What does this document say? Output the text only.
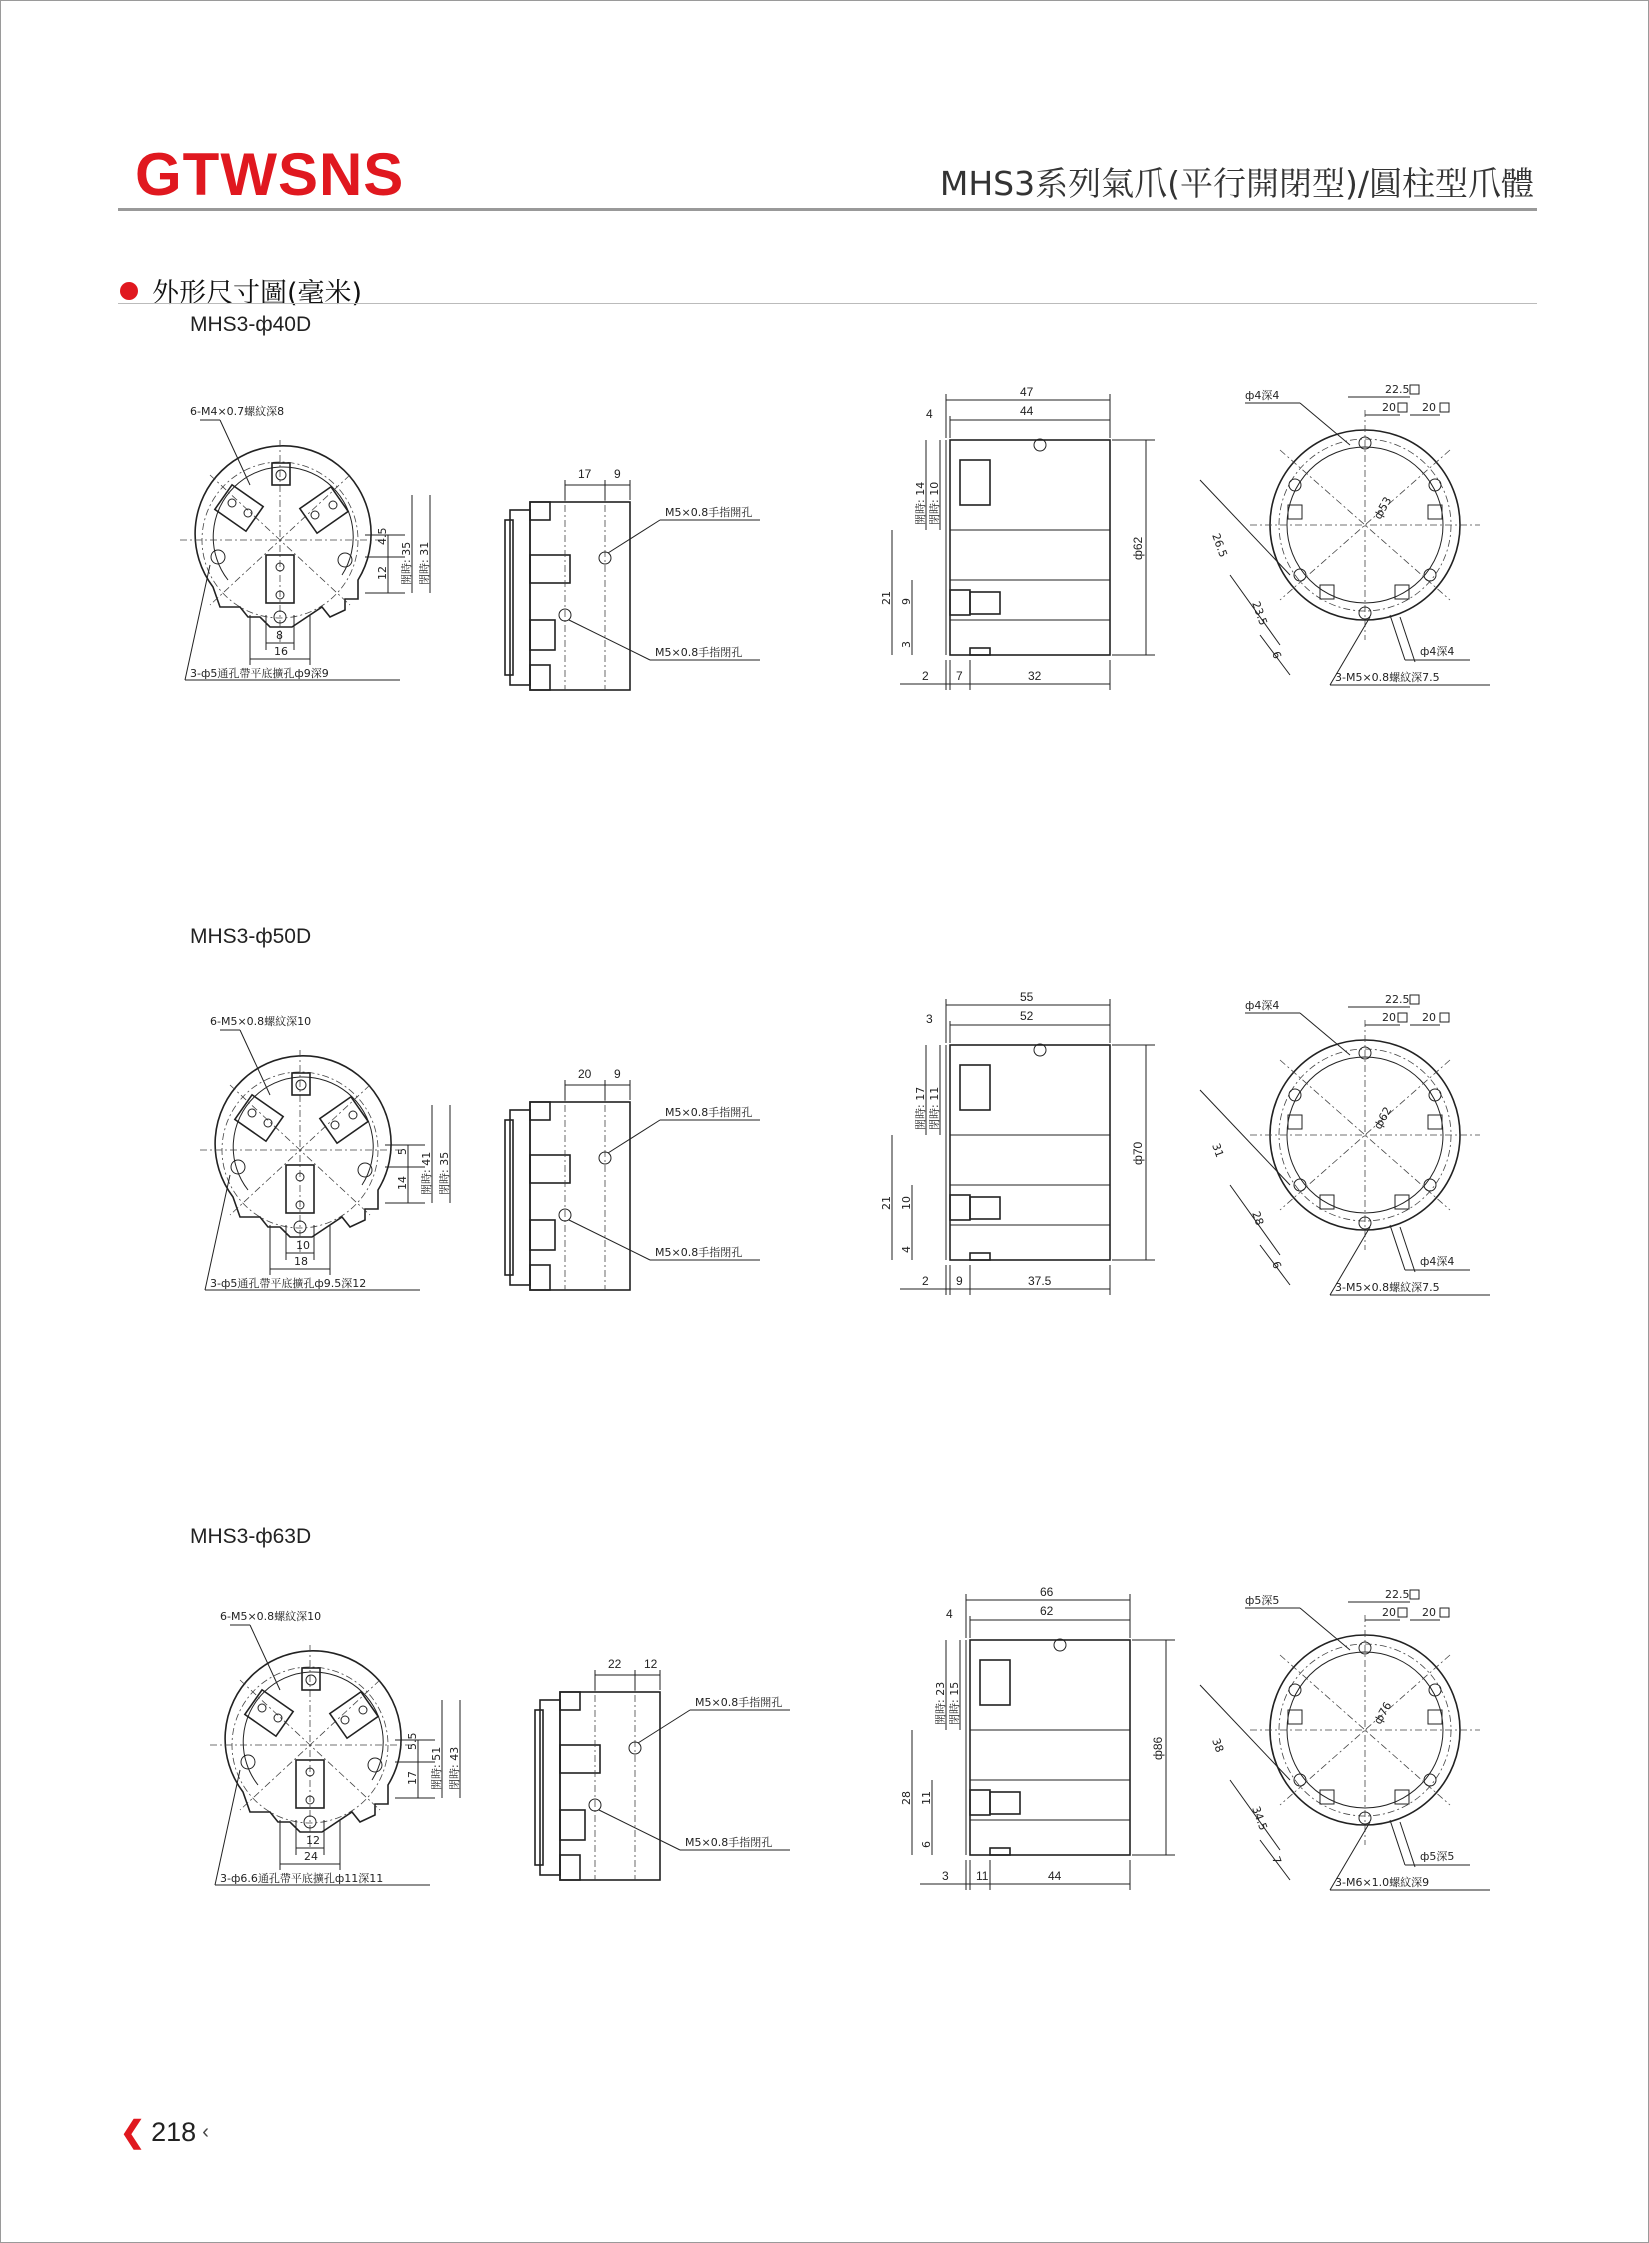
GTWSNS	MHS3系列氣爪(平行開閉型)/圓柱型爪體
外形尺寸圖(毫米)
MHS3-ф40D
6-M4×0.7螺紋深8
4.5
12 開時: 35 閉時: 31
8
16
3-ф5通孔帶平底擴孔ф9深9
17 9
M5×0.8手指開孔
M5×0.8手指閉孔
47
44
4
開時: 14 閉時: 10
21 9
3
ф62
2 7	32
ф53
ф4深4	22.5
20 20
26.5
23.5
6	ф4深4
3-M5×0.8螺紋深7.5
MHS3-ф50D
6-M5×0.8螺紋深10
5
14 開時: 41 閉時: 35
10
18
3-ф5通孔帶平底擴孔ф9.5深12
20 9
M5×0.8手指開孔
M5×0.8手指閉孔
55
52
3
開時: 17 閉時: 11
21 10
4
ф70
2 9	37.5
ф62
ф4深4	22.5
20 20
31
28
6	ф4深4
3-M5×0.8螺紋深7.5
MHS3-ф63D
6-M5×0.8螺紋深10
5.5
17 開時: 51 閉時: 43
12
24
3-ф6.6通孔帶平底擴孔ф11深11
22 12
M5×0.8手指開孔
M5×0.8手指閉孔
66
62
4
開時: 23 閉時: 15
28 11
6
ф86
3 11	44
ф76
ф5深5	22.5
20 20
38
34.5
7	ф5深5
3-M6×1.0螺紋深9
❮ 218 ‹
